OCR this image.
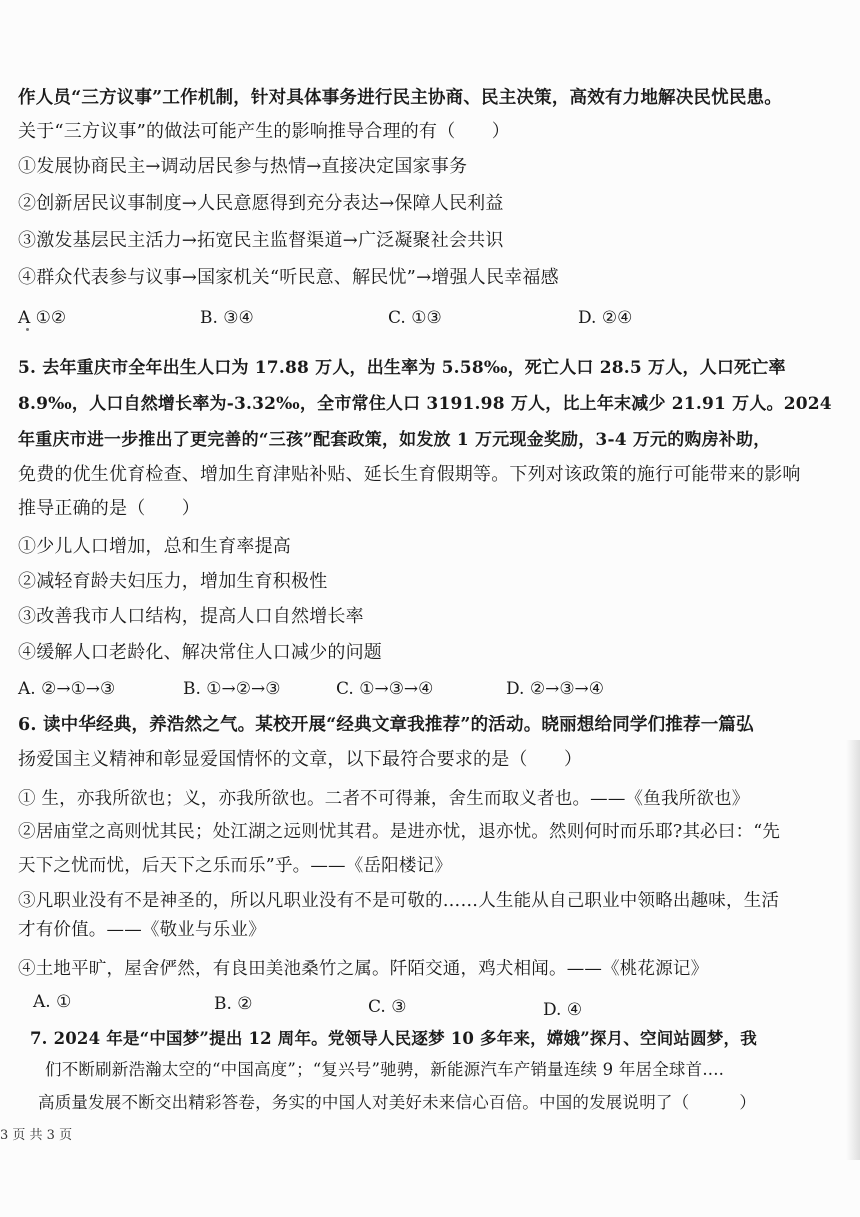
作人员“三方议事”工作机制，针对具体事务进行民主协商、民主决策，高效有力地解决民忧民患。
关于“三方议事”的做法可能产生的影响推导合理的有（　　）
①发展协商民主→调动居民参与热情→直接决定国家事务
②创新居民议事制度→人民意愿得到充分表达→保障人民利益
③激发基层民主活力→拓宽民主监督渠道→广泛凝聚社会共识
④群众代表参与议事→国家机关“听民意、解民忧”→增强人民幸福感
A ①②	B. ③④	C. ①③	D. ②④
5. 去年重庆市全年出生人口为 17.88 万人，出生率为 5.58‰，死亡人口 28.5 万人，人口死亡率
8.9‰，人口自然增长率为-3.32‰，全市常住人口 3191.98 万人，比上年末减少 21.91 万人。2024
年重庆市进一步推出了更完善的“三孩”配套政策，如发放 1 万元现金奖励，3-4 万元的购房补助，
免费的优生优育检查、增加生育津贴补贴、延长生育假期等。下列对该政策的施行可能带来的影响
推导正确的是（　　）
①少儿人口增加，总和生育率提高
②减轻育龄夫妇压力，增加生育积极性
③改善我市人口结构，提高人口自然增长率
④缓解人口老龄化、解决常住人口减少的问题
A. ②→①→③	B. ①→②→③	C. ①→③→④	D. ②→③→④
6. 读中华经典，养浩然之气。某校开展“经典文章我推荐”的活动。晓丽想给同学们推荐一篇弘
扬爱国主义精神和彰显爱国情怀的文章，以下最符合要求的是（　　）
① 生，亦我所欲也；义，亦我所欲也。二者不可得兼，舍生而取义者也。——《鱼我所欲也》
②居庙堂之高则忧其民；处江湖之远则忧其君。是进亦忧，退亦忧。然则何时而乐耶?其必曰：“先
天下之忧而忧，后天下之乐而乐”乎。——《岳阳楼记》
③凡职业没有不是神圣的，所以凡职业没有不是可敬的……人生能从自己职业中领略出趣味，生活
才有价值。——《敬业与乐业》
④土地平旷，屋舍俨然，有良田美池桑竹之属。阡陌交通，鸡犬相闻。——《桃花源记》
A. ①	B. ②	C. ③	D. ④
7. 2024 年是“中国梦”提出 12 周年。党领导人民逐梦 10 多年来，嫦娥”探月、空间站圆梦，我
们不断刷新浩瀚太空的“中国高度”；“复兴号”驰骋，新能源汽车产销量连续 9 年居全球首....
高质量发展不断交出精彩答卷，务实的中国人对美好未来信心百倍。中国的发展说明了（　　　）
3 页 共 3 页
